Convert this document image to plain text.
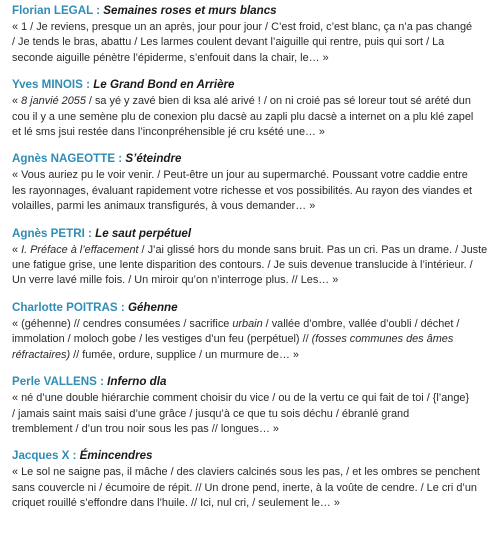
Florian LEGAL : Semaines roses et murs blancs
« 1 / Je reviens, presque un an après, jour pour jour / C’est froid, c’est blanc, ça n’a pas changé
/ Je tends le bras, abattu / Les larmes coulent devant l’aiguille qui rentre, puis qui sort / La
seconde aiguille pénètre l’épiderme, s’enfouit dans la chair, le… »
Yves MINOIS : Le Grand Bond en Arrière
« 8 janvié 2055 / sa yé y zavé bien di ksa alé arivé ! / on ni croié pas sé loreur tout sé arété dun
cou il y a une semène plu de conexion plu dacsè au zapli plu dacsè a internet on a plu klé zapel
et lé sms jsui restée dans l’inconpréhensible jé cru ksété une… »
Agnès NAGEOTTE : S’éteindre
« Vous auriez pu le voir venir. / Peut-être un jour au supermarché. Poussant votre caddie entre
les rayonnages, évaluant rapidement votre richesse et vos possibilités. Au rayon des viandes et
volailles, parmi les animaux transfigurés, à vous demander… »
Agnès PETRI : Le saut perpétuel
« I. Préface à l’effacement / J’ai glissé hors du monde sans bruit. Pas un cri. Pas un drame. / Juste
une fatigue grise, une lente disparition des contours. / Je suis devenue translucide à l’intérieur. /
Un verre lavé mille fois. / Un miroir qu’on n’interroge plus. // Les… »
Charlotte POITRAS : Géhenne
« (géhenne) // cendres consumées / sacrifice urbain / vallée d’ombre, vallée d’oubli / déchet /
immolation / moloch gobe / les vestiges d’un feu (perpétuel) // (fosses communes des âmes
réfractaires) // fumée, ordure, supplice / un murmure de… »
Perle VALLENS : Inferno dla
« né d’une double hiérarchie comment choisir du vice / ou de la vertu ce qui fait de toi / {l’ange}
/ jamais saint mais saisi d’une grâce / jusqu’à ce que tu sois déchu / ébranlé grand
tremblement / d’un trou noir sous les pas // longues… »
Jacques X : Émincendres
« Le sol ne saigne pas, il mâche / des claviers calcinés sous les pas, / et les ombres se penchent
sans couvercle ni / écumoire de répit. // Un drone pend, inerte, à la voûte de cendre. / Le cri d’un
criquet rouillé s’effondre dans l’huile. // Ici, nul cri, / seulement le… »
